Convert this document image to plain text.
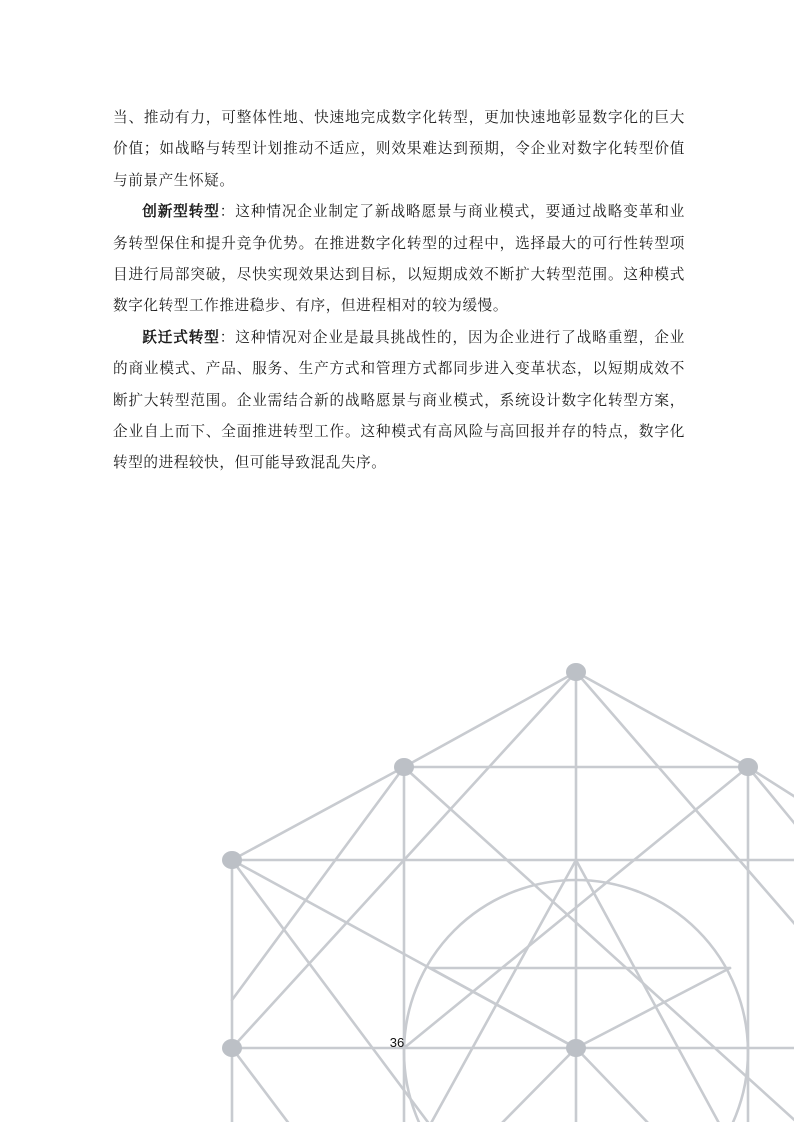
当、推动有力，可整体性地、快速地完成数字化转型，更加快速地彰显数字化的巨大价值；如战略与转型计划推动不适应，则效果难达到预期，令企业对数字化转型价值与前景产生怀疑。

创新型转型：这种情况企业制定了新战略愿景与商业模式，要通过战略变革和业务转型保住和提升竞争优势。在推进数字化转型的过程中，选择最大的可行性转型项目进行局部突破，尽快实现效果达到目标，以短期成效不断扩大转型范围。这种模式数字化转型工作推进稳步、有序，但进程相对的较为缓慢。

跃迁式转型：这种情况对企业是最具挑战性的，因为企业进行了战略重塑，企业的商业模式、产品、服务、生产方式和管理方式都同步进入变革状态，以短期成效不断扩大转型范围。企业需结合新的战略愿景与商业模式，系统设计数字化转型方案，企业自上而下、全面推进转型工作。这种模式有高风险与高回报并存的特点，数字化转型的进程较快，但可能导致混乱失序。

36
